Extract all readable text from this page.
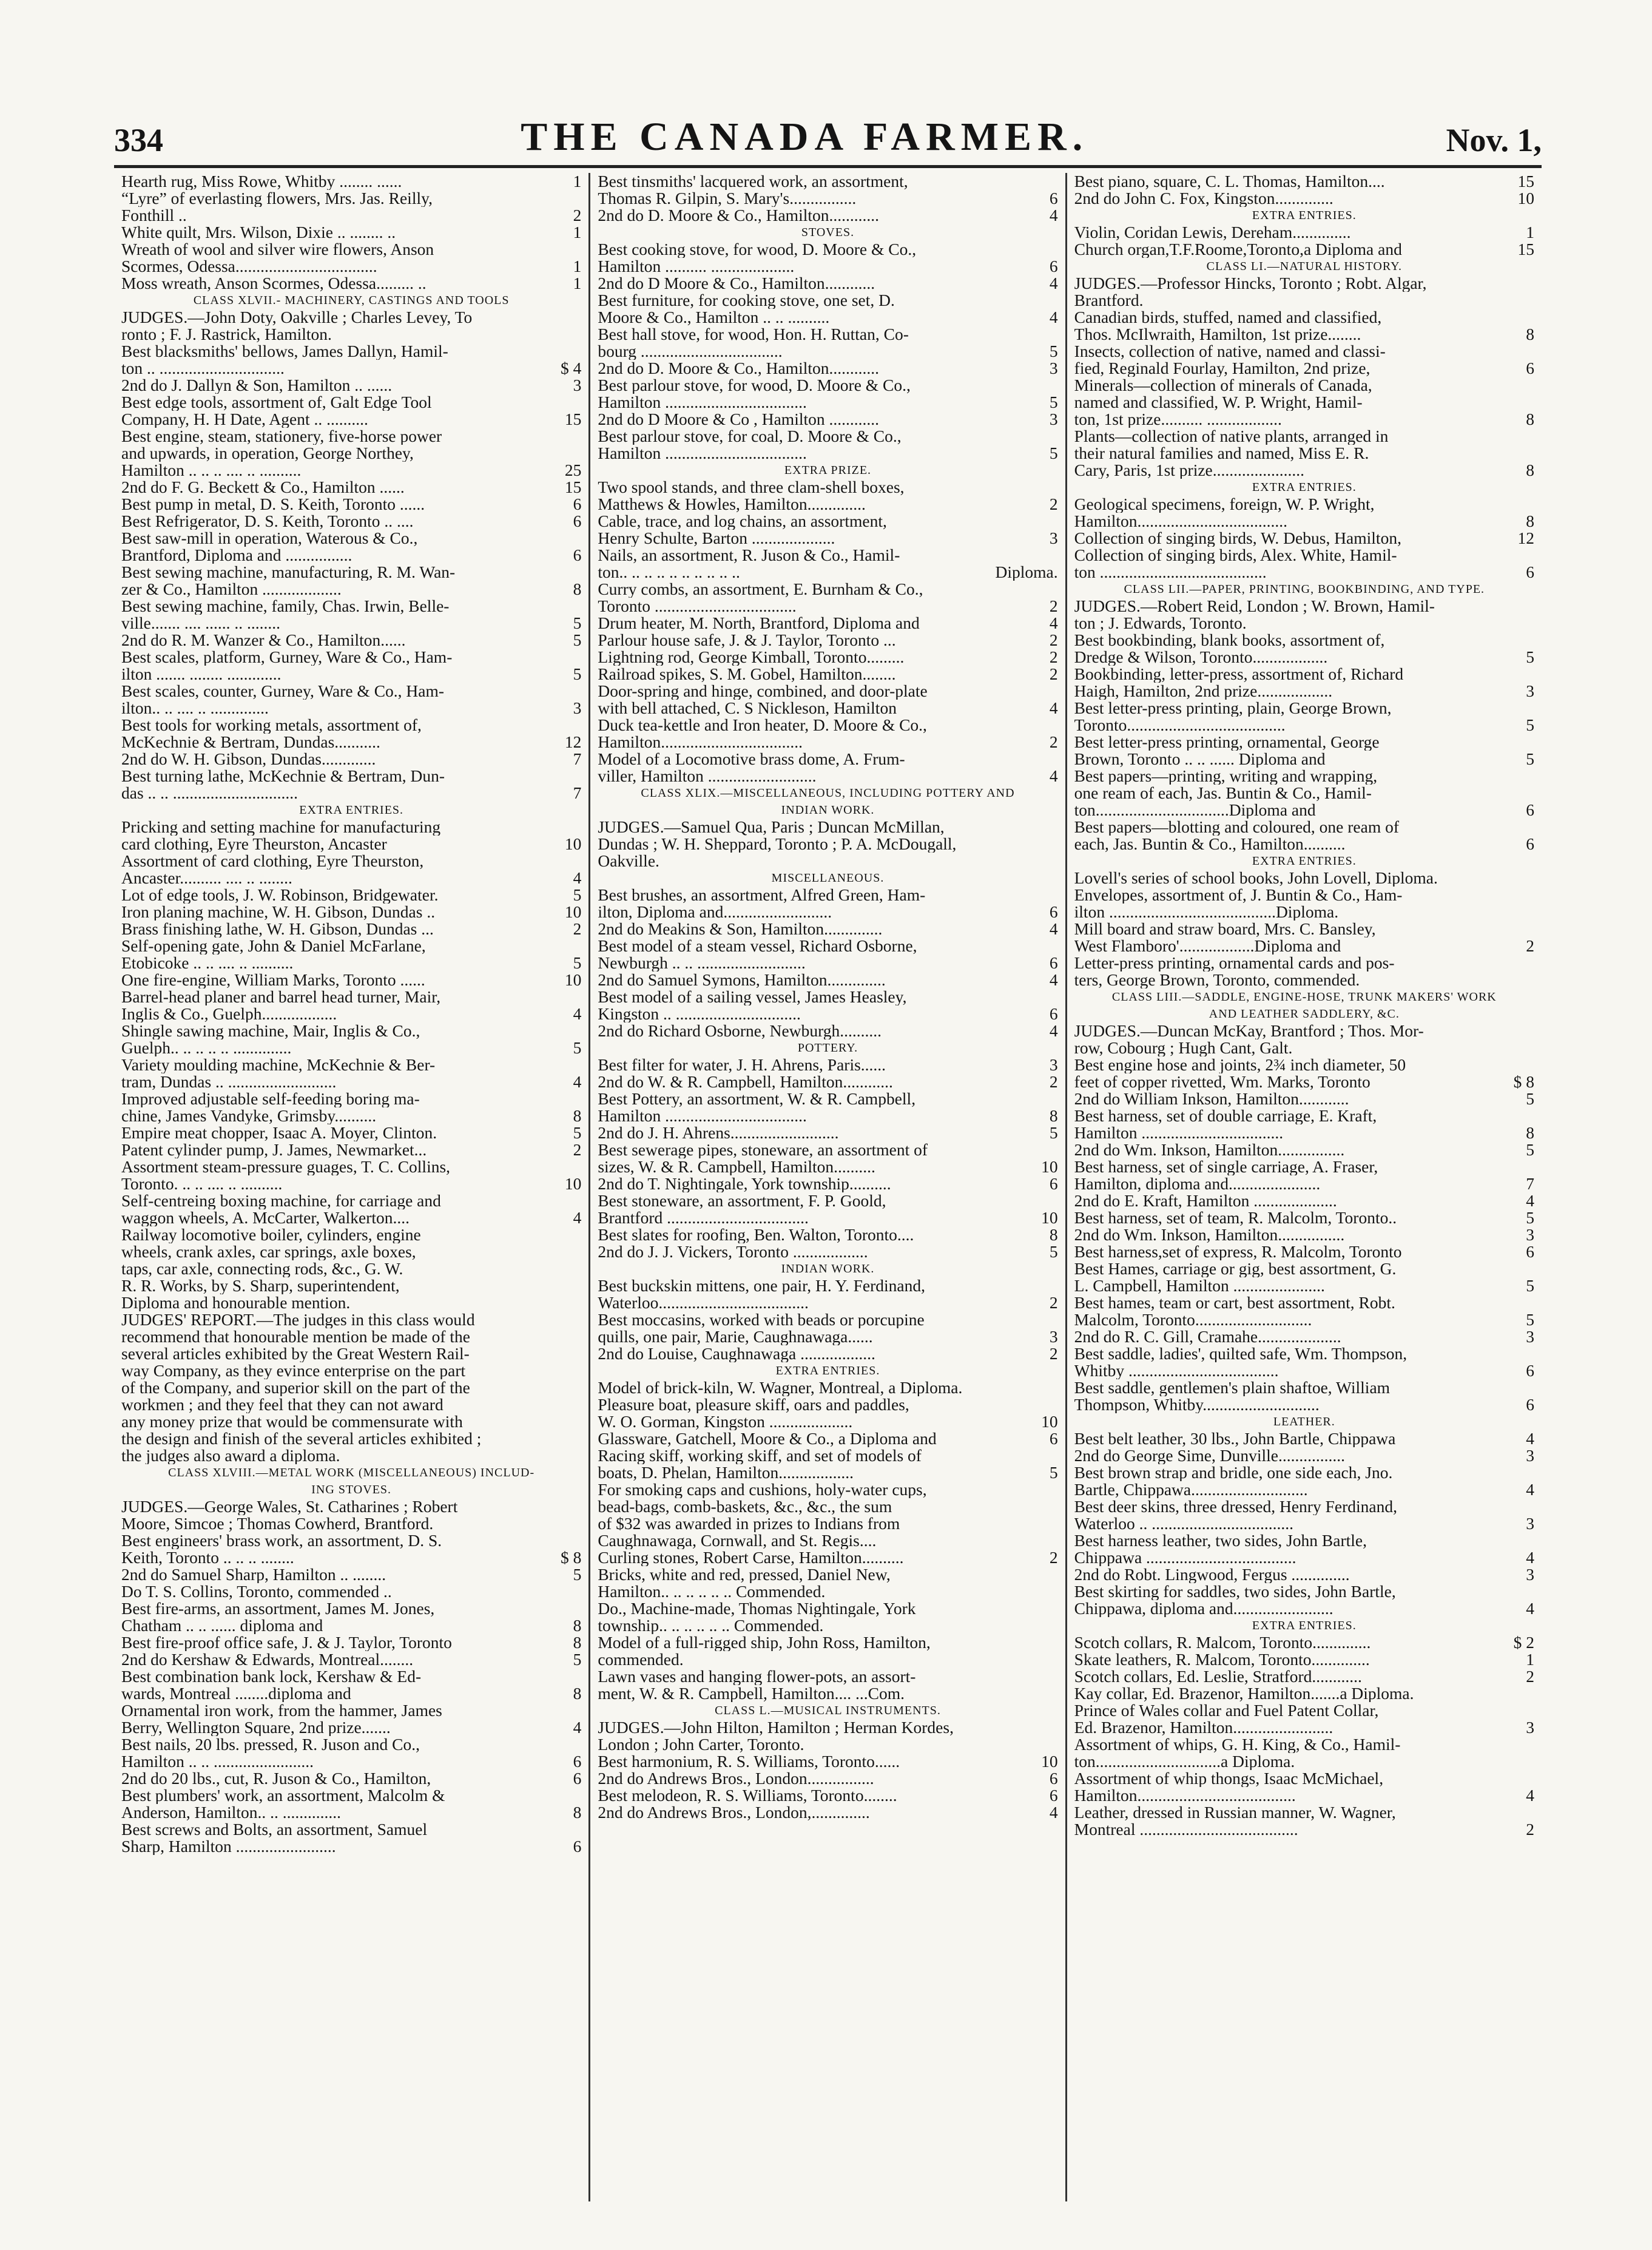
334	THE CANADA FARMER.	Nov. 1,
Hearth rug, Miss Rowe, Whitby ........ ......	1
“Lyre” of everlasting flowers, Mrs. Jas. Reilly,
Fonthill ..	2
White quilt, Mrs. Wilson, Dixie .. ........ ..	1
Wreath of wool and silver wire flowers, Anson
Scormes, Odessa..................................	1
Moss wreath, Anson Scormes, Odessa......... ..	1
CLASS XLVII.- MACHINERY, CASTINGS AND TOOLS
JUDGES.—John Doty, Oakville ; Charles Levey, To
ronto ; F. J. Rastrick, Hamilton.
Best blacksmiths' bellows, James Dallyn, Hamil-
ton .. ..............................	$ 4
2nd do J. Dallyn & Son, Hamilton .. ......	3
Best edge tools, assortment of, Galt Edge Tool
Company, H. H Date, Agent .. ..........	15
Best engine, steam, stationery, five-horse power
and upwards, in operation, George Northey,
Hamilton .. .. .. .... .. ..........	25
2nd do F. G. Beckett & Co., Hamilton ......	15
Best pump in metal, D. S. Keith, Toronto ......	6
Best Refrigerator, D. S. Keith, Toronto .. ....	6
Best saw-mill in operation, Waterous & Co.,
Brantford, Diploma and ................	6
Best sewing machine, manufacturing, R. M. Wan-
zer & Co., Hamilton ...................	8
Best sewing machine, family, Chas. Irwin, Belle-
ville....... .... ...... .. ........	5
2nd do R. M. Wanzer & Co., Hamilton......	5
Best scales, platform, Gurney, Ware & Co., Ham-
ilton ....... ........ .............	5
Best scales, counter, Gurney, Ware & Co., Ham-
ilton.. .. .... .. ..............	3
Best tools for working metals, assortment of,
McKechnie & Bertram, Dundas...........	12
2nd do W. H. Gibson, Dundas.............	7
Best turning lathe, McKechnie & Bertram, Dun-
das .. .. ..............................	7
EXTRA ENTRIES.
Pricking and setting machine for manufacturing
card clothing, Eyre Theurston, Ancaster	10
Assortment of card clothing, Eyre Theurston,
Ancaster.......... .... .. ........	4
Lot of edge tools, J. W. Robinson, Bridgewater.	5
Iron planing machine, W. H. Gibson, Dundas ..	10
Brass finishing lathe, W. H. Gibson, Dundas ...	2
Self-opening gate, John & Daniel McFarlane,
Etobicoke .. .. .... .. ..........	5
One fire-engine, William Marks, Toronto ......	10
Barrel-head planer and barrel head turner, Mair,
Inglis & Co., Guelph..................	4
Shingle sawing machine, Mair, Inglis & Co.,
Guelph.. .. .. .. .. ..............	5
Variety moulding machine, McKechnie & Ber-
tram, Dundas .. ..........................	4
Improved adjustable self-feeding boring ma-
chine, James Vandyke, Grimsby..........	8
Empire meat chopper, Isaac A. Moyer, Clinton.	5
Patent cylinder pump, J. James, Newmarket...	2
Assortment steam-pressure guages, T. C. Collins,
Toronto. .. .. .... .. ..........	10
Self-centreing boxing machine, for carriage and
waggon wheels, A. McCarter, Walkerton....	4
Railway locomotive boiler, cylinders, engine
wheels, crank axles, car springs, axle boxes,
taps, car axle, connecting rods, &c., G. W.
R. R. Works, by S. Sharp, superintendent,
Diploma and honourable mention.
JUDGES' REPORT.—The judges in this class would
recommend that honourable mention be made of the
several articles exhibited by the Great Western Rail-
way Company, as they evince enterprise on the part
of the Company, and superior skill on the part of the
workmen ; and they feel that they can not award
any money prize that would be commensurate with
the design and finish of the several articles exhibited ;
the judges also award a diploma.
CLASS XLVIII.—METAL WORK (MISCELLANEOUS) INCLUD-
ING STOVES.
JUDGES.—George Wales, St. Catharines ; Robert
Moore, Simcoe ; Thomas Cowherd, Brantford.
Best engineers' brass work, an assortment, D. S.
Keith, Toronto .. .. .. ........	$ 8
2nd do Samuel Sharp, Hamilton .. ........	5
Do T. S. Collins, Toronto, commended ..
Best fire-arms, an assortment, James M. Jones,
Chatham .. .. ...... diploma and	8
Best fire-proof office safe, J. & J. Taylor, Toronto	8
2nd do Kershaw & Edwards, Montreal........	5
Best combination bank lock, Kershaw & Ed-
wards, Montreal ........diploma and	8
Ornamental iron work, from the hammer, James
Berry, Wellington Square, 2nd prize.......	4
Best nails, 20 lbs. pressed, R. Juson and Co.,
Hamilton .. .. ........................	6
2nd do 20 lbs., cut, R. Juson & Co., Hamilton,	6
Best plumbers' work, an assortment, Malcolm &
Anderson, Hamilton.. .. ..............	8
Best screws and Bolts, an assortment, Samuel
Sharp, Hamilton ........................	6
Best tinsmiths' lacquered work, an assortment,
Thomas R. Gilpin, S. Mary's................	6
2nd do D. Moore & Co., Hamilton............	4
STOVES.
Best cooking stove, for wood, D. Moore & Co.,
Hamilton .......... ....................	6
2nd do D Moore & Co., Hamilton............	4
Best furniture, for cooking stove, one set, D.
Moore & Co., Hamilton .. .. ..........	4
Best hall stove, for wood, Hon. H. Ruttan, Co-
bourg ..................................	5
2nd do D. Moore & Co., Hamilton............	3
Best parlour stove, for wood, D. Moore & Co.,
Hamilton ..................................	5
2nd do D Moore & Co , Hamilton ............	3
Best parlour stove, for coal, D. Moore & Co.,
Hamilton ..................................	5
EXTRA PRIZE.
Two spool stands, and three clam-shell boxes,
Matthews & Howles, Hamilton..............	2
Cable, trace, and log chains, an assortment,
Henry Schulte, Barton ....................	3
Nails, an assortment, R. Juson & Co., Hamil-
ton.. .. .. .. .. .. .. .. .. ..	Diploma.
Curry combs, an assortment, E. Burnham & Co.,
Toronto ..................................	2
Drum heater, M. North, Brantford, Diploma and	4
Parlour house safe, J. & J. Taylor, Toronto ...	2
Lightning rod, George Kimball, Toronto.........	2
Railroad spikes, S. M. Gobel, Hamilton........	2
Door-spring and hinge, combined, and door-plate
with bell attached, C. S Nickleson, Hamilton	4
Duck tea-kettle and Iron heater, D. Moore & Co.,
Hamilton..................................	2
Model of a Locomotive brass dome, A. Frum-
viller, Hamilton ..........................	4
CLASS XLIX.—MISCELLANEOUS, INCLUDING POTTERY AND
INDIAN WORK.
JUDGES.—Samuel Qua, Paris ; Duncan McMillan,
Dundas ; W. H. Sheppard, Toronto ; P. A. McDougall,
Oakville.
MISCELLANEOUS.
Best brushes, an assortment, Alfred Green, Ham-
ilton, Diploma and..........................	6
2nd do Meakins & Son, Hamilton..............	4
Best model of a steam vessel, Richard Osborne,
Newburgh .. .. ..........................	6
2nd do Samuel Symons, Hamilton..............	4
Best model of a sailing vessel, James Heasley,
Kingston .. ..............................	6
2nd do Richard Osborne, Newburgh..........	4
POTTERY.
Best filter for water, J. H. Ahrens, Paris......	3
2nd do W. & R. Campbell, Hamilton............	2
Best Pottery, an assortment, W. & R. Campbell,
Hamilton ..................................	8
2nd do J. H. Ahrens..........................	5
Best sewerage pipes, stoneware, an assortment of
sizes, W. & R. Campbell, Hamilton..........	10
2nd do T. Nightingale, York township..........	6
Best stoneware, an assortment, F. P. Goold,
Brantford ..................................	10
Best slates for roofing, Ben. Walton, Toronto....	8
2nd do J. J. Vickers, Toronto ..................	5
INDIAN WORK.
Best buckskin mittens, one pair, H. Y. Ferdinand,
Waterloo....................................	2
Best moccasins, worked with beads or porcupine
quills, one pair, Marie, Caughnawaga......	3
2nd do Louise, Caughnawaga ..................	2
EXTRA ENTRIES.
Model of brick-kiln, W. Wagner, Montreal, a Diploma.
Pleasure boat, pleasure skiff, oars and paddles,
W. O. Gorman, Kingston ....................	10
Glassware, Gatchell, Moore & Co., a Diploma and	6
Racing skiff, working skiff, and set of models of
boats, D. Phelan, Hamilton..................	5
For smoking caps and cushions, holy-water cups,
bead-bags, comb-baskets, &c., &c., the sum
of $32 was awarded in prizes to Indians from
Caughnawaga, Cornwall, and St. Regis....
Curling stones, Robert Carse, Hamilton..........	2
Bricks, white and red, pressed, Daniel New,
Hamilton.. .. .. .. .. .. Commended.
Do., Machine-made, Thomas Nightingale, York
township.. .. .. .. .. .. Commended.
Model of a full-rigged ship, John Ross, Hamilton,
commended.
Lawn vases and hanging flower-pots, an assort-
ment, W. & R. Campbell, Hamilton.... ...Com.
CLASS L.—MUSICAL INSTRUMENTS.
JUDGES.—John Hilton, Hamilton ; Herman Kordes,
London ; John Carter, Toronto.
Best harmonium, R. S. Williams, Toronto......	10
2nd do Andrews Bros., London................	6
Best melodeon, R. S. Williams, Toronto........	6
2nd do Andrews Bros., London,..............	4
Best piano, square, C. L. Thomas, Hamilton....	15
2nd do John C. Fox, Kingston..............	10
EXTRA ENTRIES.
Violin, Coridan Lewis, Dereham..............	1
Church organ,T.F.Roome,Toronto,a Diploma and	15
CLASS LI.—NATURAL HISTORY.
JUDGES.—Professor Hincks, Toronto ; Robt. Algar,
Brantford.
Canadian birds, stuffed, named and classified,
Thos. McIlwraith, Hamilton, 1st prize........	8
Insects, collection of native, named and classi-
fied, Reginald Fourlay, Hamilton, 2nd prize,	6
Minerals—collection of minerals of Canada,
named and classified, W. P. Wright, Hamil-
ton, 1st prize.......... ..................	8
Plants—collection of native plants, arranged in
their natural families and named, Miss E. R.
Cary, Paris, 1st prize......................	8
EXTRA ENTRIES.
Geological specimens, foreign, W. P. Wright,
Hamilton....................................	8
Collection of singing birds, W. Debus, Hamilton,	12
Collection of singing birds, Alex. White, Hamil-
ton ........................................	6
CLASS LII.—PAPER, PRINTING, BOOKBINDING, AND TYPE.
JUDGES.—Robert Reid, London ; W. Brown, Hamil-
ton ; J. Edwards, Toronto.
Best bookbinding, blank books, assortment of,
Dredge & Wilson, Toronto..................	5
Bookbinding, letter-press, assortment of, Richard
Haigh, Hamilton, 2nd prize..................	3
Best letter-press printing, plain, George Brown,
Toronto......................................	5
Best letter-press printing, ornamental, George
Brown, Toronto .. .. ...... Diploma and	5
Best papers—printing, writing and wrapping,
one ream of each, Jas. Buntin & Co., Hamil-
ton................................Diploma and	6
Best papers—blotting and coloured, one ream of
each, Jas. Buntin & Co., Hamilton..........	6
EXTRA ENTRIES.
Lovell's series of school books, John Lovell, Diploma.
Envelopes, assortment of, J. Buntin & Co., Ham-
ilton ........................................Diploma.
Mill board and straw board, Mrs. C. Bansley,
West Flamboro'..................Diploma and	2
Letter-press printing, ornamental cards and pos-
ters, George Brown, Toronto, commended.
CLASS LIII.—SADDLE, ENGINE-HOSE, TRUNK MAKERS' WORK
AND LEATHER SADDLERY, &C.
JUDGES.—Duncan McKay, Brantford ; Thos. Mor-
row, Cobourg ; Hugh Cant, Galt.
Best engine hose and joints, 2¾ inch diameter, 50
feet of copper rivetted, Wm. Marks, Toronto	$ 8
2nd do William Inkson, Hamilton............	5
Best harness, set of double carriage, E. Kraft,
Hamilton ..................................	8
2nd do Wm. Inkson, Hamilton................	5
Best harness, set of single carriage, A. Fraser,
Hamilton, diploma and......................	7
2nd do E. Kraft, Hamilton ....................	4
Best harness, set of team, R. Malcolm, Toronto..	5
2nd do Wm. Inkson, Hamilton................	3
Best harness,set of express, R. Malcolm, Toronto	6
Best Hames, carriage or gig, best assortment, G.
L. Campbell, Hamilton ......................	5
Best hames, team or cart, best assortment, Robt.
Malcolm, Toronto............................	5
2nd do R. C. Gill, Cramahe....................	3
Best saddle, ladies', quilted safe, Wm. Thompson,
Whitby ....................................	6
Best saddle, gentlemen's plain shaftoe, William
Thompson, Whitby............................	6
LEATHER.
Best belt leather, 30 lbs., John Bartle, Chippawa	4
2nd do George Sime, Dunville................	3
Best brown strap and bridle, one side each, Jno.
Bartle, Chippawa............................	4
Best deer skins, three dressed, Henry Ferdinand,
Waterloo .. ..................................	3
Best harness leather, two sides, John Bartle,
Chippawa ....................................	4
2nd do Robt. Lingwood, Fergus ..............	3
Best skirting for saddles, two sides, John Bartle,
Chippawa, diploma and........................	4
EXTRA ENTRIES.
Scotch collars, R. Malcom, Toronto..............	$ 2
Skate leathers, R. Malcom, Toronto..............	1
Scotch collars, Ed. Leslie, Stratford............	2
Kay collar, Ed. Brazenor, Hamilton.......a Diploma.
Prince of Wales collar and Fuel Patent Collar,
Ed. Brazenor, Hamilton........................	3
Assortment of whips, G. H. King, & Co., Hamil-
ton..............................a Diploma.
Assortment of whip thongs, Isaac McMichael,
Hamilton......................................	4
Leather, dressed in Russian manner, W. Wagner,
Montreal ......................................	2
